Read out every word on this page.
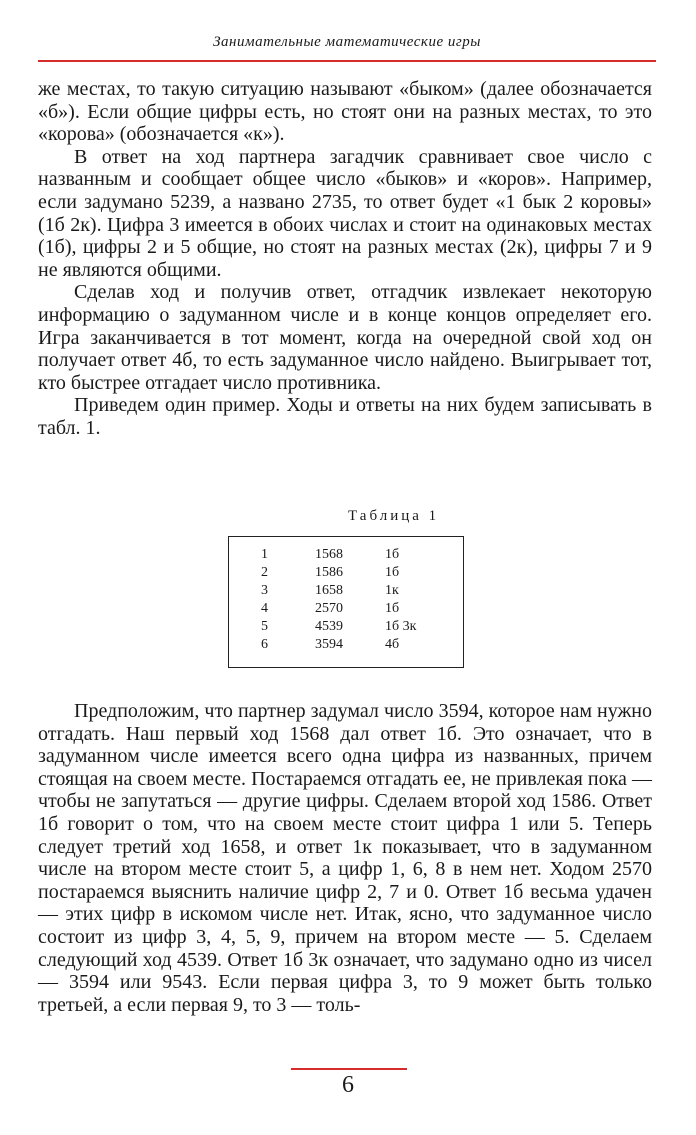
Занимательные математические игры

же местах, то такую ситуацию называют «быком» (далее обозначается «б»). Если общие цифры есть, но стоят они на разных местах, то это «корова» (обозначается «к»).

В ответ на ход партнера загадчик сравнивает свое число с названным и сообщает общее число «быков» и «коров». Например, если задумано 5239, а названо 2735, то ответ будет «1 бык 2 коровы» (1б 2к). Цифра 3 имеется в обоих числах и стоит на одинаковых местах (1б), цифры 2 и 5 общие, но стоят на разных местах (2к), цифры 7 и 9 не являются общими.

Сделав ход и получив ответ, отгадчик извлекает некоторую информацию о задуманном числе и в конце концов определяет его. Игра заканчивается в тот момент, когда на очередной свой ход он получает ответ 4б, то есть задуманное число найдено. Выигрывает тот, кто быстрее отгадает число противника.

Приведем один пример. Ходы и ответы на них будем записывать в табл. 1.

Таблица 1
1	1568	1б
2	1586	1б
3	1658	1к
4	2570	1б
5	4539	1б 3к
6	3594	4б

Предположим, что партнер задумал число 3594, которое нам нужно отгадать. Наш первый ход 1568 дал ответ 1б. Это означает, что в задуманном числе имеется всего одна цифра из названных, причем стоящая на своем месте. Постараемся отгадать ее, не привлекая пока — чтобы не запутаться — другие цифры. Сделаем второй ход 1586. Ответ 1б говорит о том, что на своем месте стоит цифра 1 или 5. Теперь следует третий ход 1658, и ответ 1к показывает, что в задуманном числе на втором месте стоит 5, а цифр 1, 6, 8 в нем нет. Ходом 2570 постараемся выяснить наличие цифр 2, 7 и 0. Ответ 1б весьма удачен — этих цифр в искомом числе нет. Итак, ясно, что задуманное число состоит из цифр 3, 4, 5, 9, причем на втором месте — 5. Сделаем следующий ход 4539. Ответ 1б 3к означает, что задумано одно из чисел — 3594 или 9543. Если первая цифра 3, то 9 может быть только третьей, а если первая 9, то 3 — толь-

6
